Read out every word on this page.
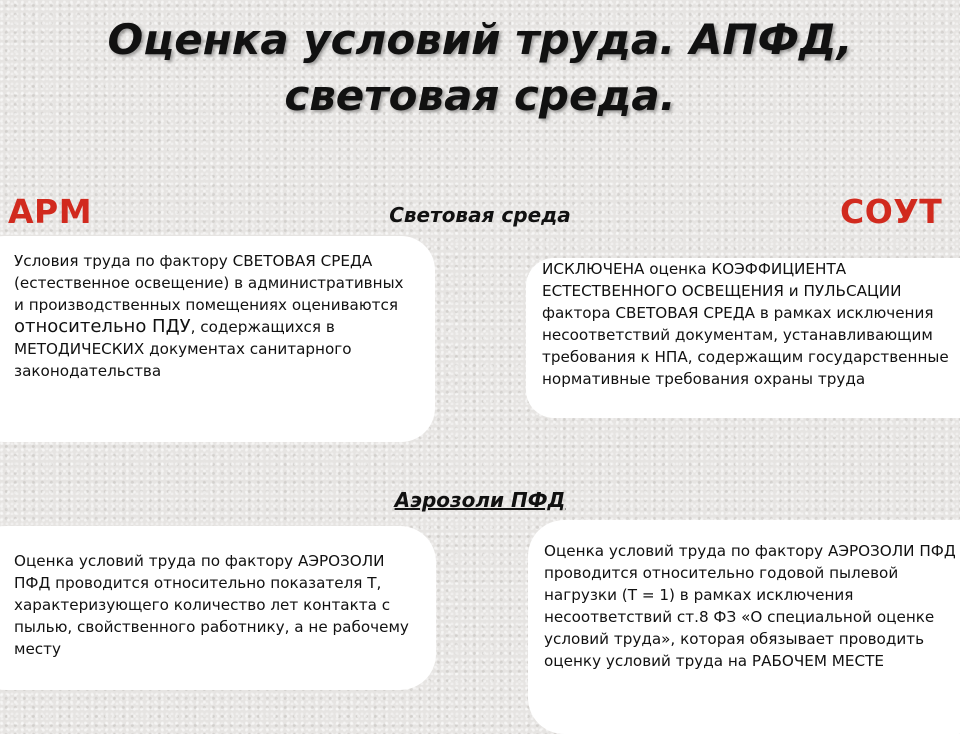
Оценка условий труда. АПФД,
световая среда.
АРМ	СОУТ
Световая среда

Условия труда по фактору СВЕТОВАЯ СРЕДА (естественное освещение) в административных и производственных помещениях оцениваются относительно ПДУ, содержащихся в МЕТОДИЧЕСКИХ документах санитарного законодательства

ИСКЛЮЧЕНА оценка КОЭФФИЦИЕНТА ЕСТЕСТВЕННОГО ОСВЕЩЕНИЯ и ПУЛЬСАЦИИ фактора СВЕТОВАЯ СРЕДА в рамках исключения несоответствий документам, устанавливающим требования к НПА, содержащим государственные нормативные требования охраны труда

Аэрозоли ПФД

Оценка условий труда по фактору АЭРОЗОЛИ ПФД проводится относительно показателя Т, характеризующего количество лет контакта с пылью, свойственного работнику, а не рабочему месту

Оценка условий труда по фактору АЭРОЗОЛИ ПФД проводится относительно годовой пылевой нагрузки (Т = 1) в рамках исключения несоответствий ст.8 ФЗ «О специальной оценке условий труда», которая обязывает проводить оценку условий труда на РАБОЧЕМ МЕСТЕ
